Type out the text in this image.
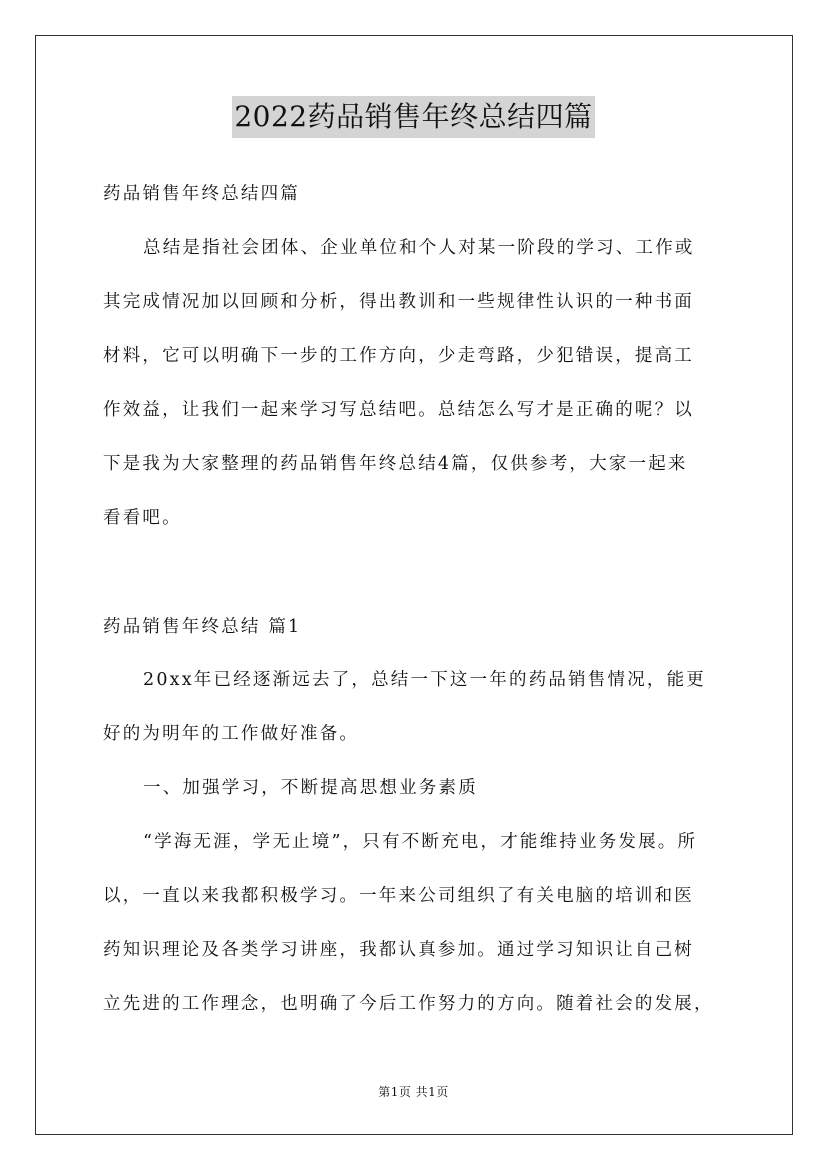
2022药品销售年终总结四篇
药品销售年终总结四篇
总结是指社会团体、企业单位和个人对某一阶段的学习、工作或
其完成情况加以回顾和分析，得出教训和一些规律性认识的一种书面
材料，它可以明确下一步的工作方向，少走弯路，少犯错误，提高工
作效益，让我们一起来学习写总结吧。总结怎么写才是正确的呢？以
下是我为大家整理的药品销售年终总结4篇，仅供参考，大家一起来
看看吧。
药品销售年终总结 篇1
20xx年已经逐渐远去了，总结一下这一年的药品销售情况，能更
好的为明年的工作做好准备。
一、加强学习，不断提高思想业务素质
“学海无涯，学无止境”，只有不断充电，才能维持业务发展。所
以，一直以来我都积极学习。一年来公司组织了有关电脑的培训和医
药知识理论及各类学习讲座，我都认真参加。通过学习知识让自己树
立先进的工作理念，也明确了今后工作努力的方向。随着社会的发展，
第1页 共1页
